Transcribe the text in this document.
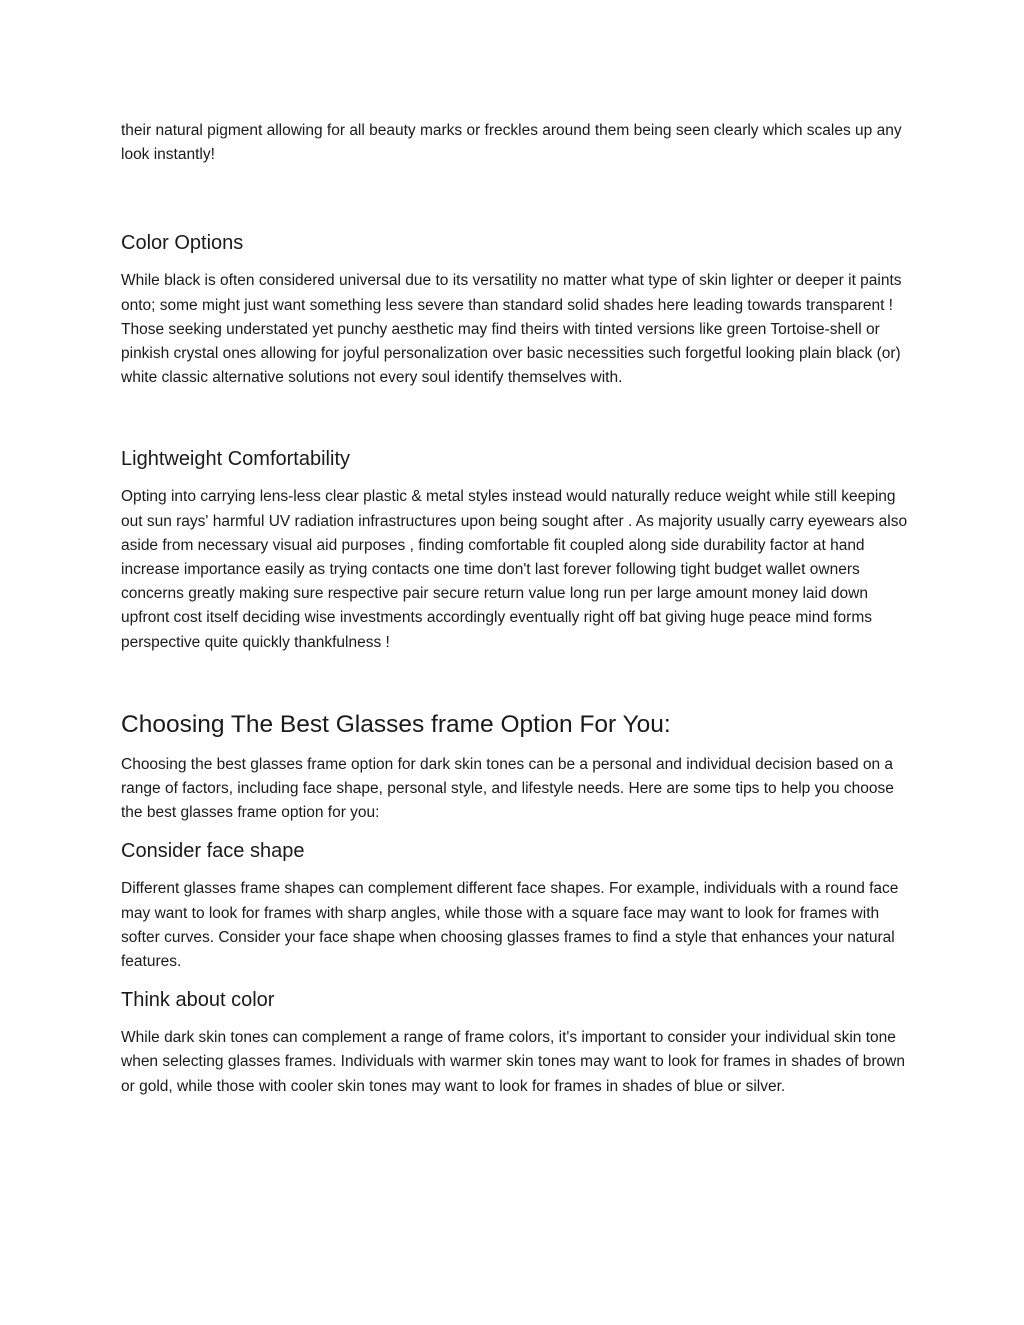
their natural pigment allowing for all beauty marks or freckles around them being seen clearly which scales up any look instantly!

Color Options

While black is often considered universal due to its versatility no matter what type of skin lighter or deeper it paints onto; some might just want something less severe than standard solid shades here leading towards transparent ! Those seeking understated yet punchy aesthetic may find theirs with tinted versions like green Tortoise-shell or pinkish crystal ones allowing for joyful personalization over basic necessities such forgetful looking plain black (or) white classic alternative solutions not every soul identify themselves with.

Lightweight Comfortability

Opting into carrying lens-less clear plastic & metal styles instead would naturally reduce weight while still keeping out sun rays' harmful UV radiation infrastructures upon being sought after . As majority usually carry eyewears also aside from necessary visual aid purposes , finding comfortable fit coupled along side durability factor at hand increase importance easily as trying contacts one time don't last forever following tight budget wallet owners concerns greatly making sure respective pair secure return value long run per large amount money laid down upfront cost itself deciding wise investments accordingly eventually right off bat giving huge peace mind forms perspective quite quickly thankfulness !

Choosing The Best Glasses frame Option For You:

Choosing the best glasses frame option for dark skin tones can be a personal and individual decision based on a range of factors, including face shape, personal style, and lifestyle needs. Here are some tips to help you choose the best glasses frame option for you:

Consider face shape

Different glasses frame shapes can complement different face shapes. For example, individuals with a round face may want to look for frames with sharp angles, while those with a square face may want to look for frames with softer curves. Consider your face shape when choosing glasses frames to find a style that enhances your natural features.

Think about color

While dark skin tones can complement a range of frame colors, it's important to consider your individual skin tone when selecting glasses frames. Individuals with warmer skin tones may want to look for frames in shades of brown or gold, while those with cooler skin tones may want to look for frames in shades of blue or silver.
